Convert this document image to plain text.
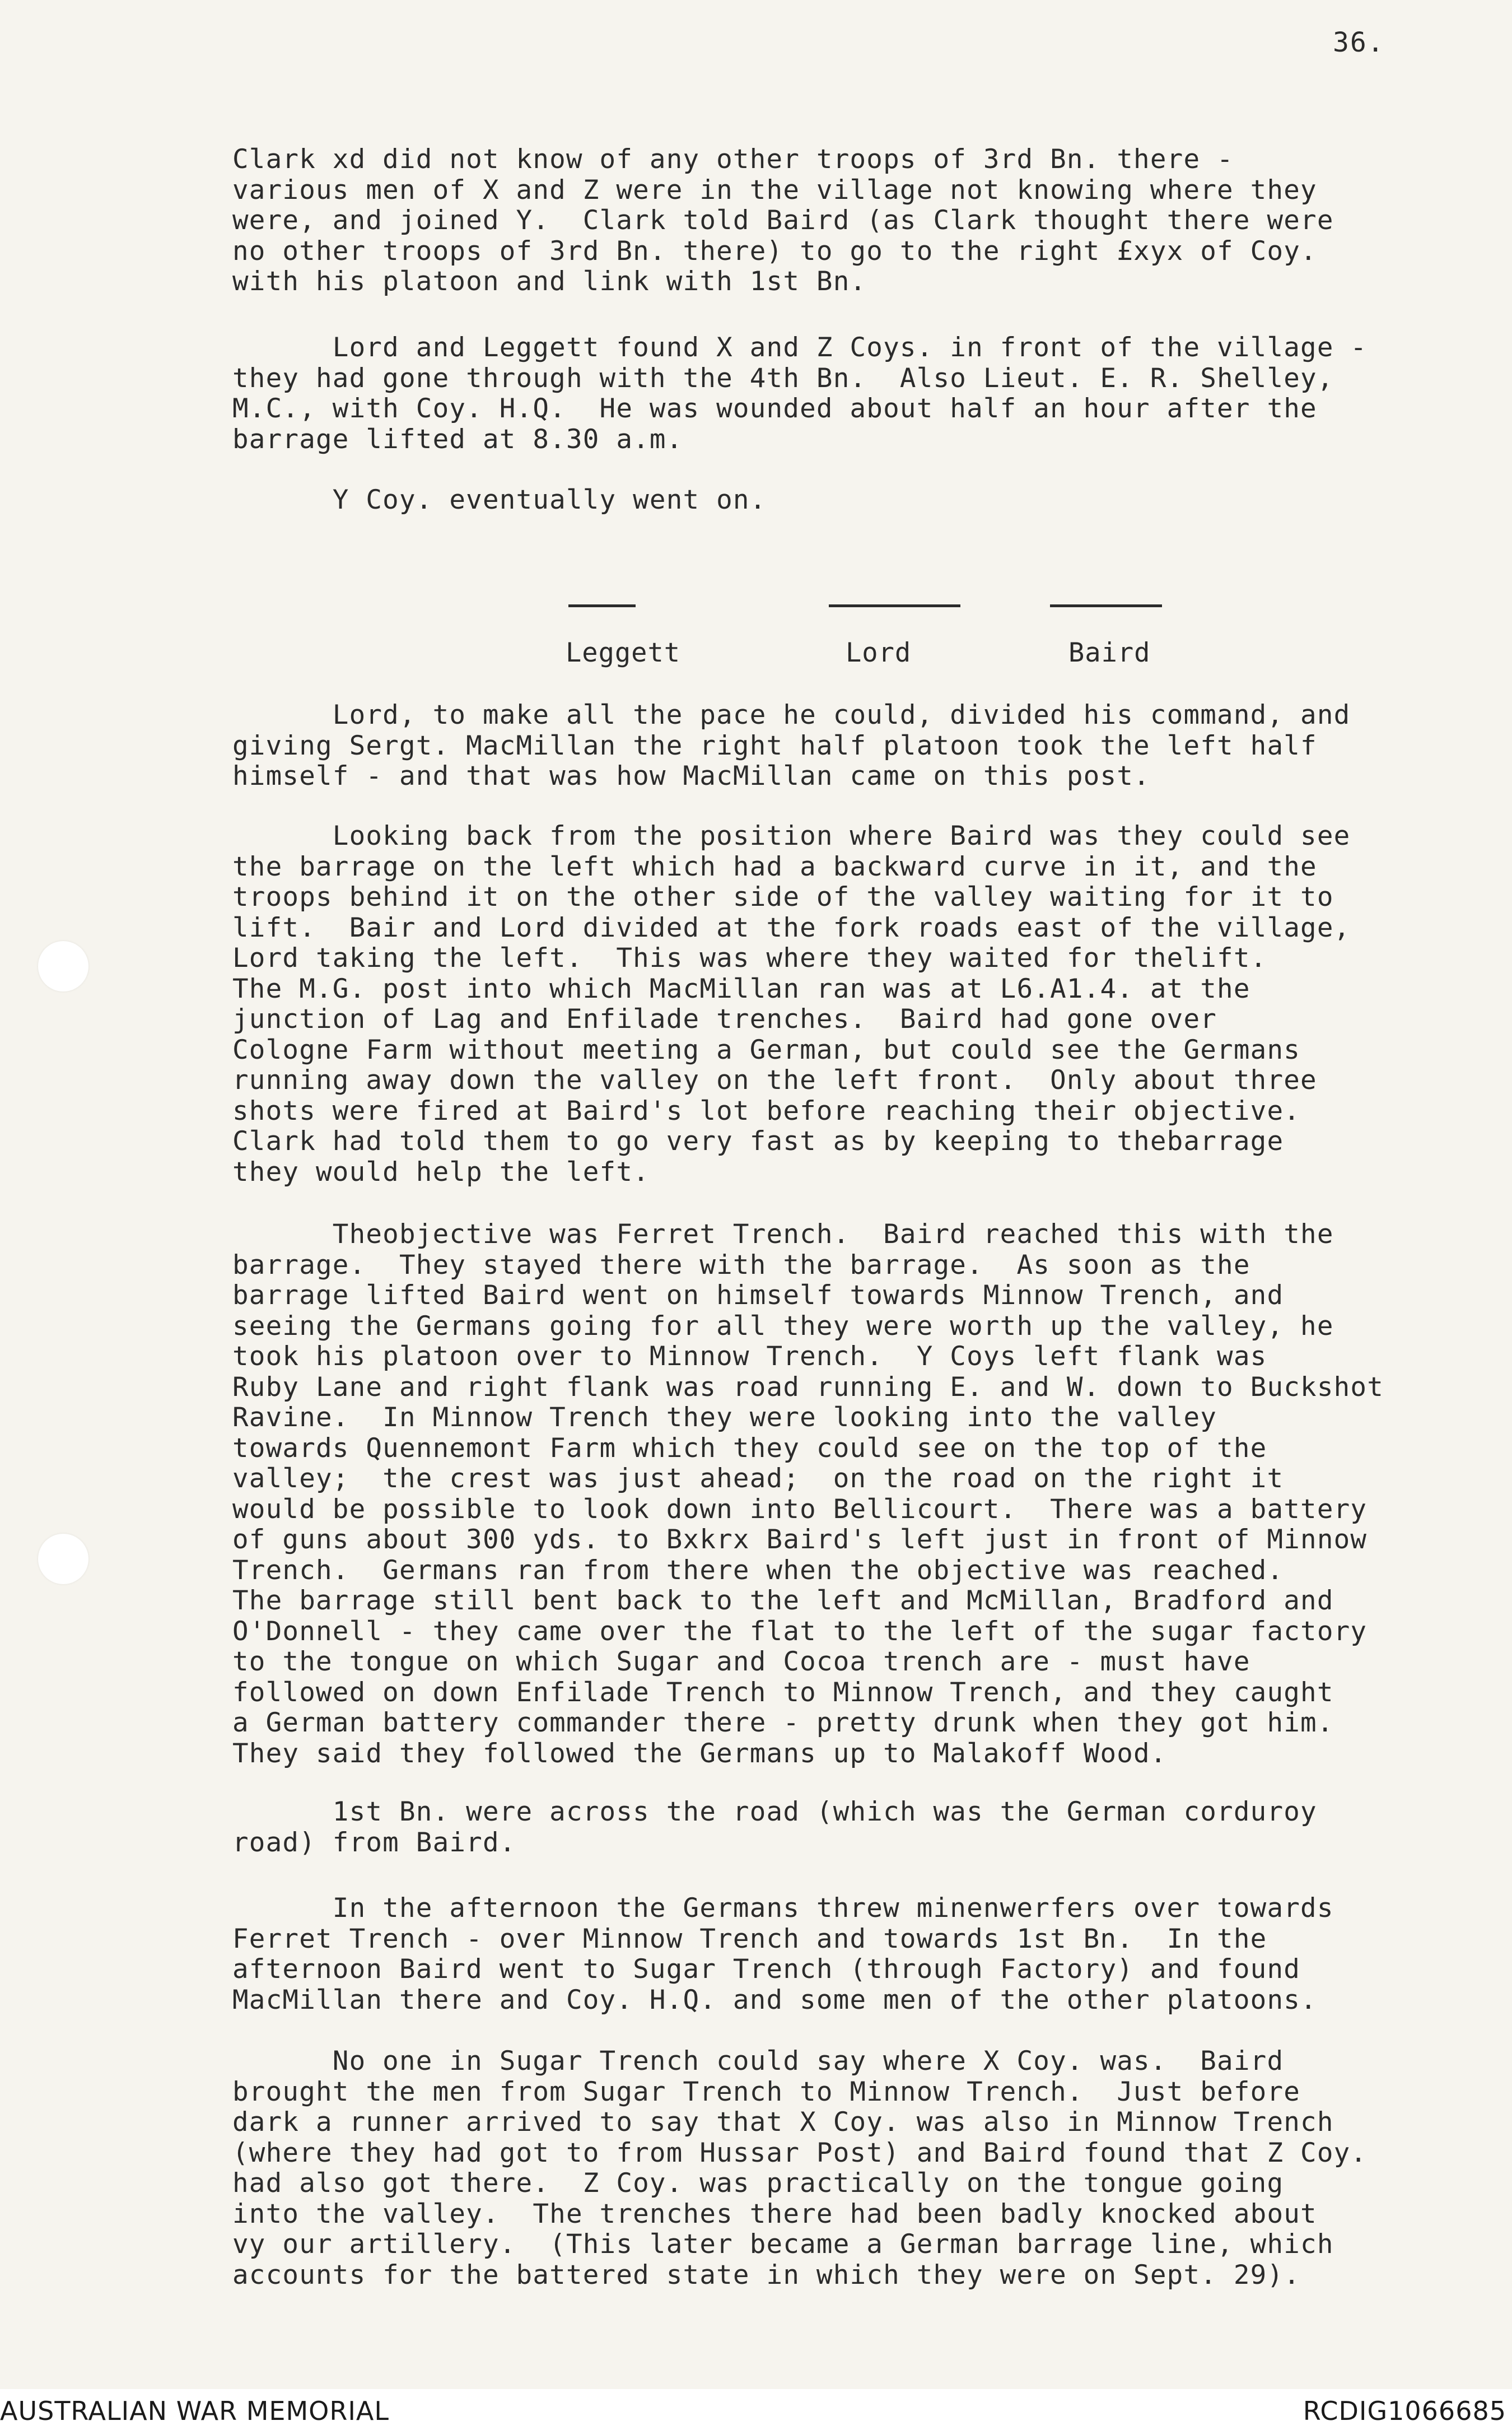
36.

Clark xd did not know of any other troops of 3rd Bn. there -
various men of X and Z were in the village not knowing where they
were, and joined Y.  Clark told Baird (as Clark thought there were
no other troops of 3rd Bn. there) to go to the right £xyx of Coy.
with his platoon and link with 1st Bn.

Lord and Leggett found X and Z Coys. in front of the village -
they had gone through with the 4th Bn.  Also Lieut. E. R. Shelley,
M.C., with Coy. H.Q.  He was wounded about half an hour after the
barrage lifted at 8.30 a.m.

Y Coy. eventually went on.

Leggett	Lord	Baird

Lord, to make all the pace he could, divided his command, and
giving Sergt. MacMillan the right half platoon took the left half
himself - and that was how MacMillan came on this post.

Looking back from the position where Baird was they could see
the barrage on the left which had a backward curve in it, and the
troops behind it on the other side of the valley waiting for it to
lift.  Bair and Lord divided at the fork roads east of the village,
Lord taking the left.  This was where they waited for thelift.
The M.G. post into which MacMillan ran was at L6.A1.4. at the
junction of Lag and Enfilade trenches.  Baird had gone over
Cologne Farm without meeting a German, but could see the Germans
running away down the valley on the left front.  Only about three
shots were fired at Baird's lot before reaching their objective.
Clark had told them to go very fast as by keeping to thebarrage
they would help the left.

Theobjective was Ferret Trench.  Baird reached this with the
barrage.  They stayed there with the barrage.  As soon as the
barrage lifted Baird went on himself towards Minnow Trench, and
seeing the Germans going for all they were worth up the valley, he
took his platoon over to Minnow Trench.  Y Coys left flank was
Ruby Lane and right flank was road running E. and W. down to Buckshot
Ravine.  In Minnow Trench they were looking into the valley
towards Quennemont Farm which they could see on the top of the
valley;  the crest was just ahead;  on the road on the right it
would be possible to look down into Bellicourt.  There was a battery
of guns about 300 yds. to Bxkrx Baird's left just in front of Minnow
Trench.  Germans ran from there when the objective was reached.
The barrage still bent back to the left and McMillan, Bradford and
O'Donnell - they came over the flat to the left of the sugar factory
to the tongue on which Sugar and Cocoa trench are - must have
followed on down Enfilade Trench to Minnow Trench, and they caught
a German battery commander there - pretty drunk when they got him.
They said they followed the Germans up to Malakoff Wood.

1st Bn. were across the road (which was the German corduroy
road) from Baird.

In the afternoon the Germans threw minenwerfers over towards
Ferret Trench - over Minnow Trench and towards 1st Bn.  In the
afternoon Baird went to Sugar Trench (through Factory) and found
MacMillan there and Coy. H.Q. and some men of the other platoons.

No one in Sugar Trench could say where X Coy. was.  Baird
brought the men from Sugar Trench to Minnow Trench.  Just before
dark a runner arrived to say that X Coy. was also in Minnow Trench
(where they had got to from Hussar Post) and Baird found that Z Coy.
had also got there.  Z Coy. was practically on the tongue going
into the valley.  The trenches there had been badly knocked about
vy our artillery.  (This later became a German barrage line, which
accounts for the battered state in which they were on Sept. 29).

AUSTRALIAN WAR MEMORIAL	RCDIG1066685
